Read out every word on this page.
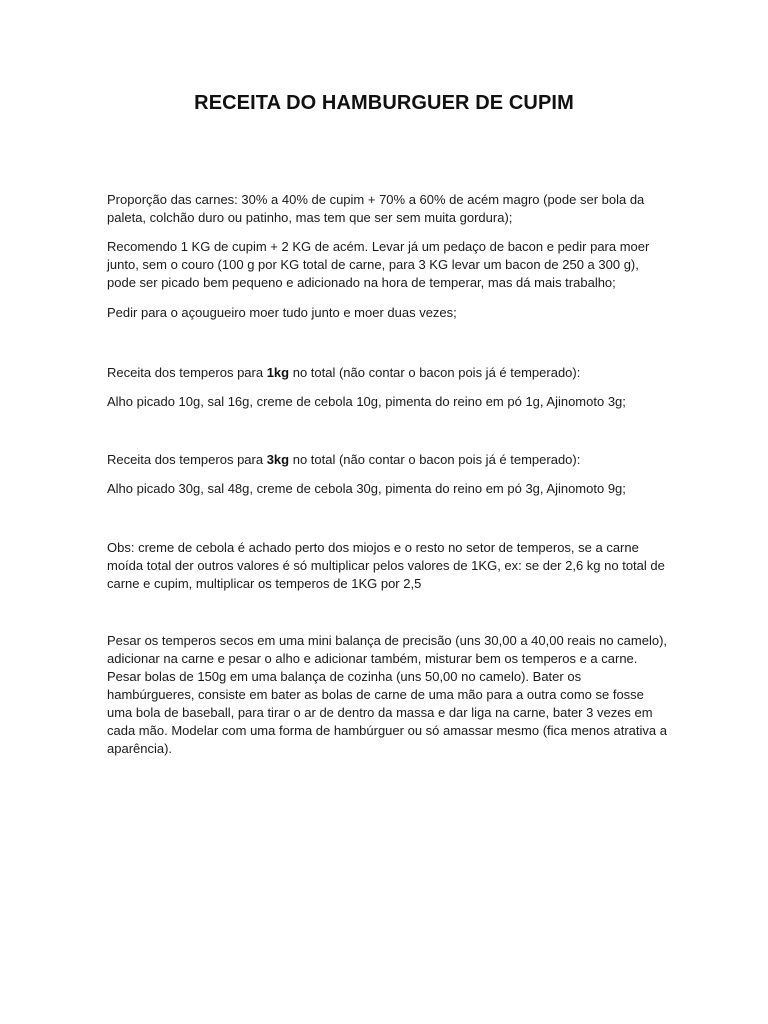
RECEITA DO HAMBURGUER DE CUPIM
Proporção das carnes: 30% a 40% de cupim + 70% a 60% de acém magro (pode ser bola da paleta, colchão duro ou patinho, mas tem que ser sem muita gordura);
Recomendo 1 KG de cupim + 2 KG de acém. Levar já um pedaço de bacon e pedir para moer junto, sem o couro (100 g por KG total de carne, para 3 KG levar um bacon de 250 a 300 g), pode ser picado bem pequeno e adicionado na hora de temperar, mas dá mais trabalho;
Pedir para o açougueiro moer tudo junto e moer duas vezes;
Receita dos temperos para 1kg no total (não contar o bacon pois já é temperado):
Alho picado 10g, sal 16g, creme de cebola 10g, pimenta do reino em pó 1g, Ajinomoto 3g;
Receita dos temperos para 3kg no total (não contar o bacon pois já é temperado):
Alho picado 30g, sal 48g, creme de cebola 30g, pimenta do reino em pó 3g, Ajinomoto 9g;
Obs: creme de cebola é achado perto dos miojos e o resto no setor de temperos, se a carne moída total der outros valores é só multiplicar pelos valores de 1KG, ex: se der 2,6 kg no total de carne e cupim, multiplicar os temperos de 1KG por 2,5
Pesar os temperos secos em uma mini balança de precisão (uns 30,00 a 40,00 reais no camelo), adicionar na carne e pesar o alho e adicionar também, misturar bem os temperos e a carne. Pesar bolas de 150g em uma balança de cozinha (uns 50,00 no camelo). Bater os hambúrgueres, consiste em bater as bolas de carne de uma mão para a outra como se fosse uma bola de baseball, para tirar o ar de dentro da massa e dar liga na carne, bater 3 vezes em cada mão. Modelar com uma forma de hambúrguer ou só amassar mesmo (fica menos atrativa a aparência).
